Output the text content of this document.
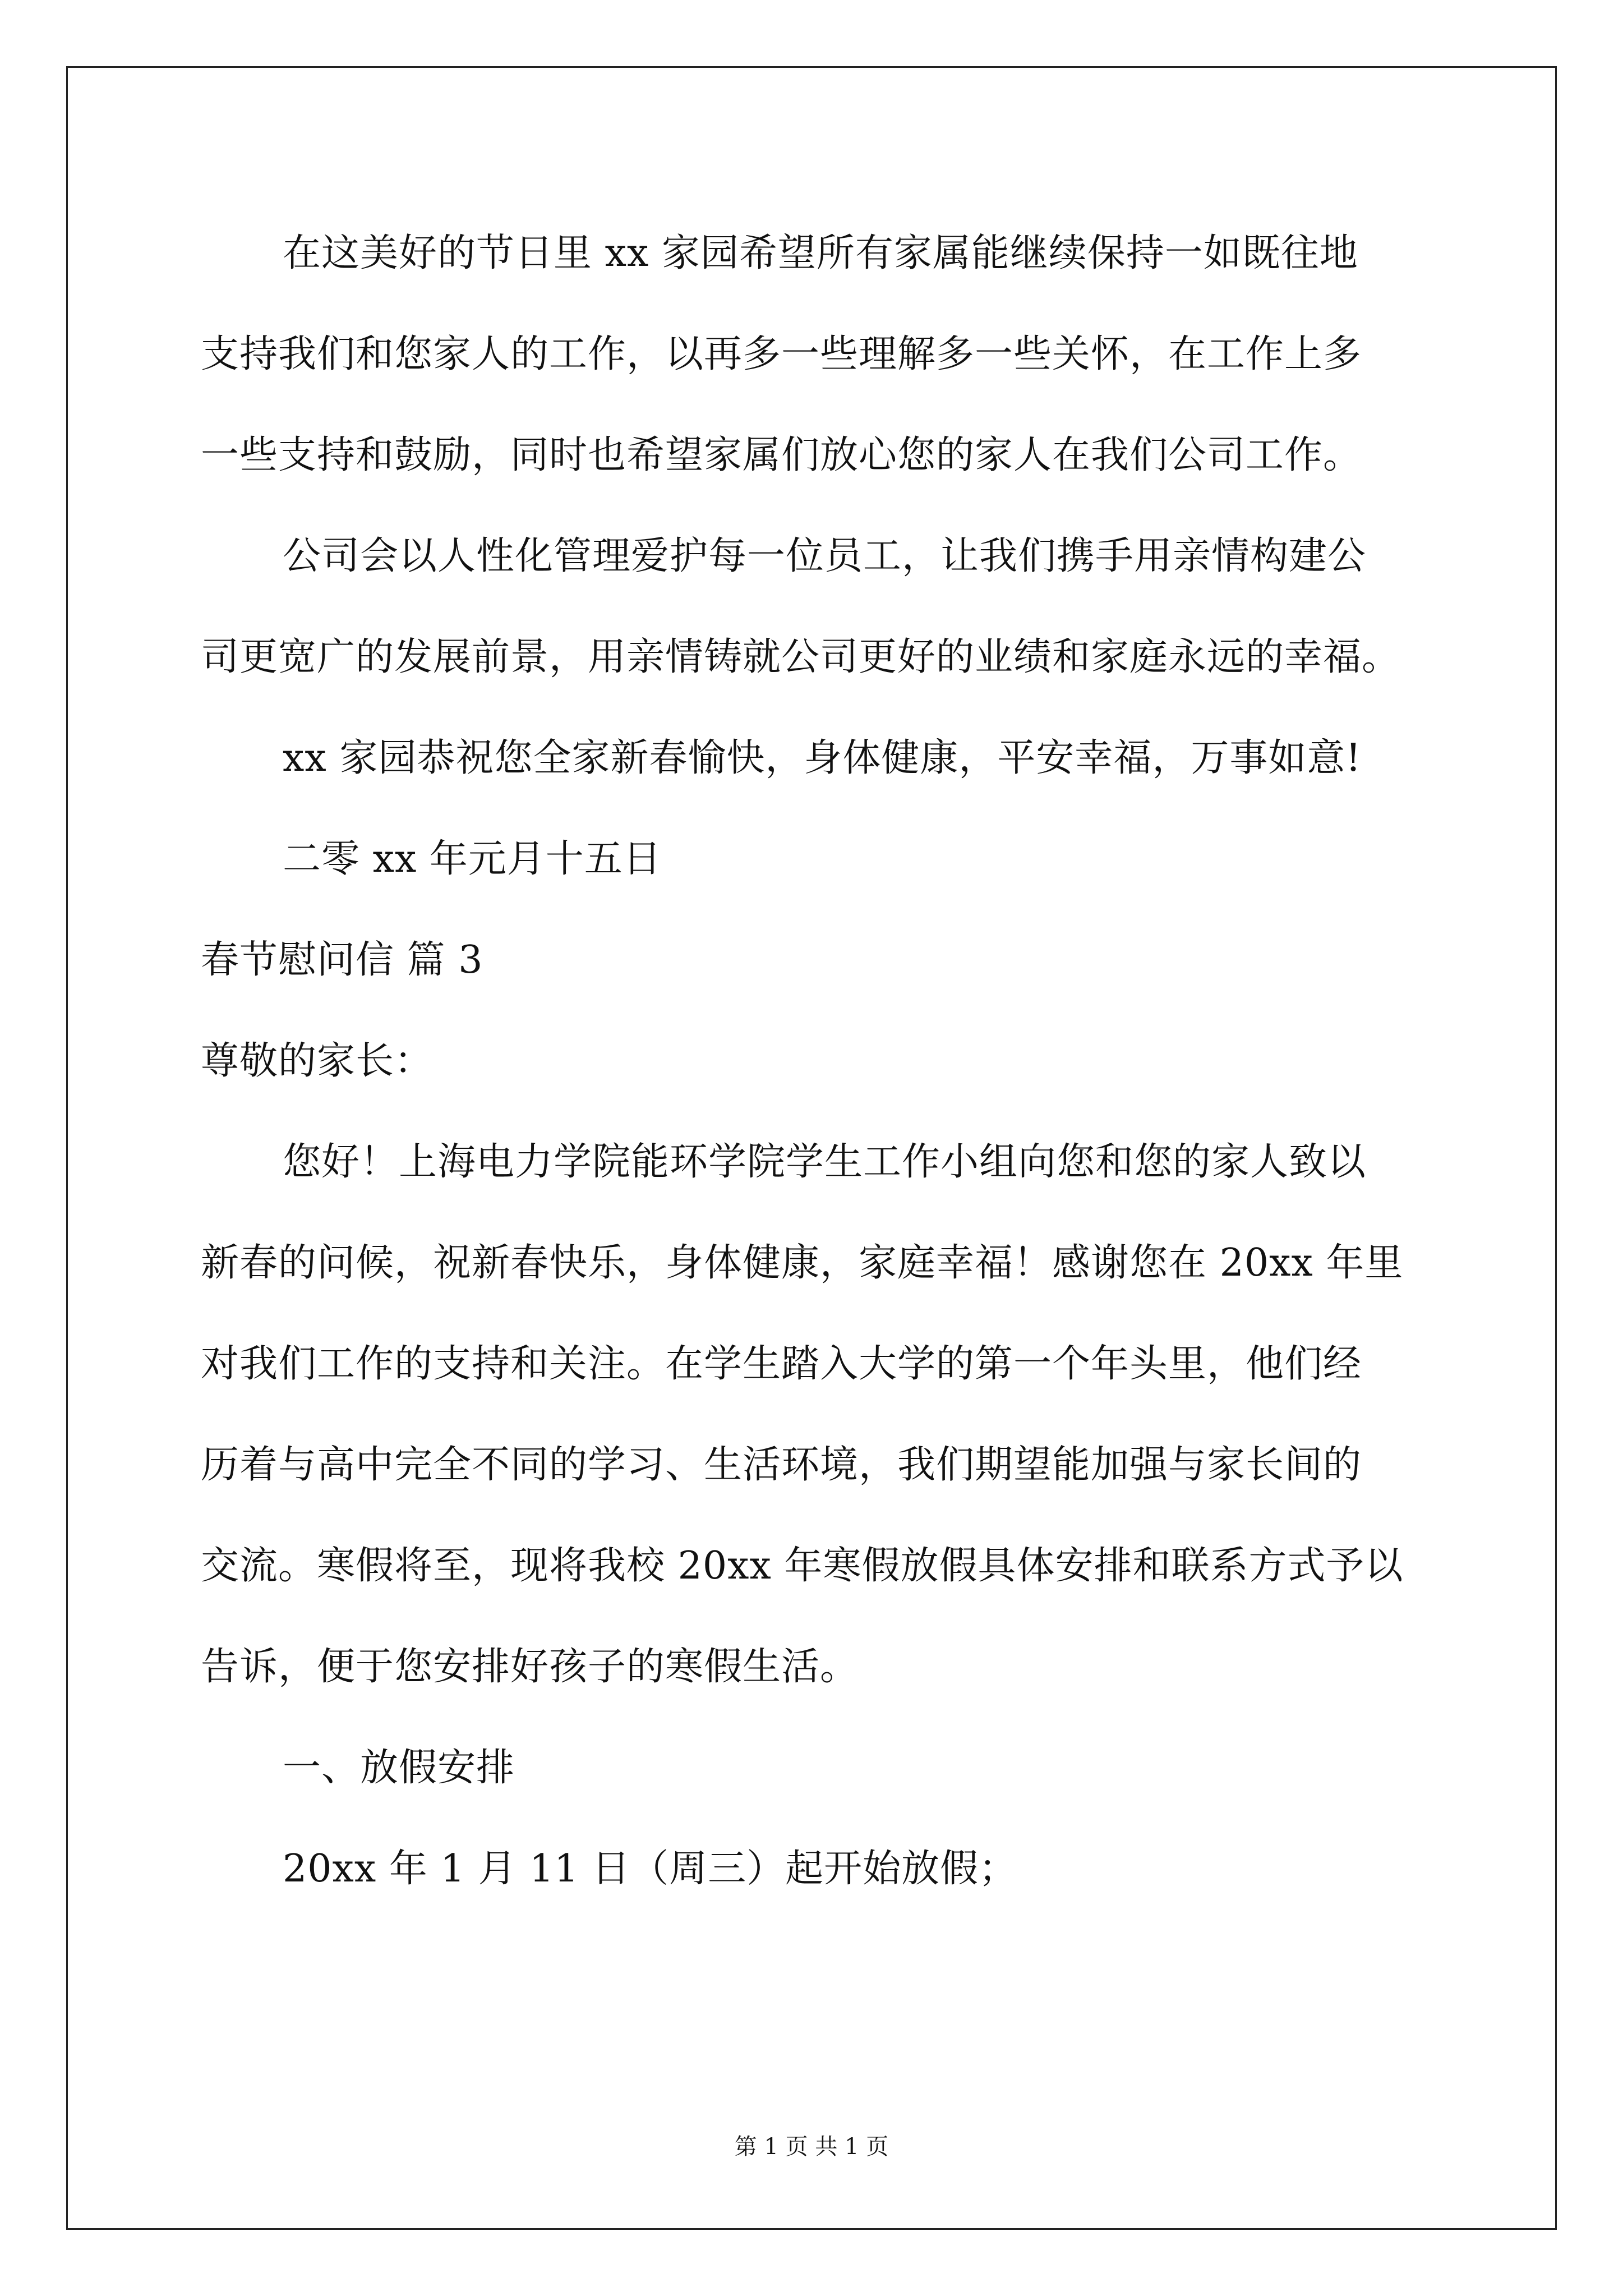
在这美好的节日里 xx 家园希望所有家属能继续保持一如既往地
支持我们和您家人的工作，以再多一些理解多一些关怀，在工作上多
一些支持和鼓励，同时也希望家属们放心您的家人在我们公司工作。
公司会以人性化管理爱护每一位员工，让我们携手用亲情构建公
司更宽广的发展前景，用亲情铸就公司更好的业绩和家庭永远的幸福。
xx 家园恭祝您全家新春愉快，身体健康，平安幸福，万事如意!
二零 xx 年元月十五日
春节慰问信 篇 3
尊敬的家长：
您好！上海电力学院能环学院学生工作小组向您和您的家人致以
新春的问候，祝新春快乐，身体健康，家庭幸福！感谢您在 20xx 年里
对我们工作的支持和关注。在学生踏入大学的第一个年头里，他们经
历着与高中完全不同的学习、生活环境，我们期望能加强与家长间的
交流。寒假将至，现将我校 20xx 年寒假放假具体安排和联系方式予以
告诉，便于您安排好孩子的寒假生活。
一、放假安排
20xx 年 1 月 11 日（周三）起开始放假；
第 1 页 共 1 页
